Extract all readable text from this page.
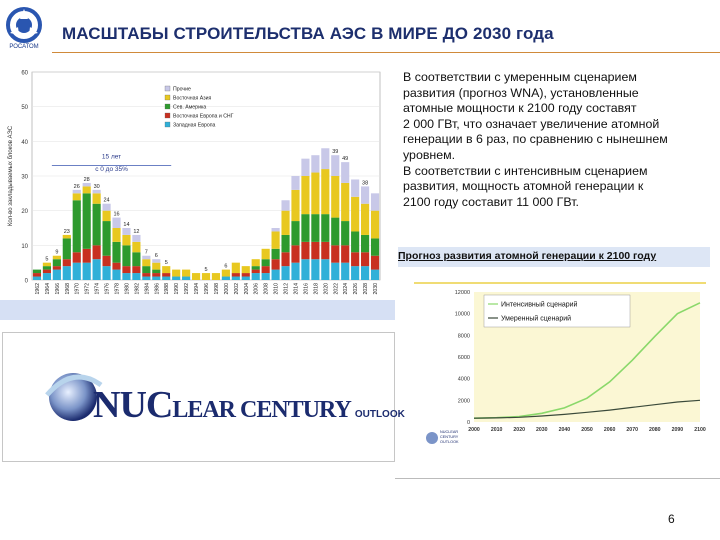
РОСАТОМ
МАСШТАБЫ СТРОИТЕЛЬСТВА АЭС В МИРЕ ДО 2030 года
0
10
20
30
40
50
60
Кол-во закладываемых блоков АЭС
1962 1964 1966 1968 1970 1972 1974 1976 1978 1980 1982 1984 1986 1988 1990 1992 1994 1996 1998 2000 2002 2004 2006 2008 2010 2012 2014 2016 2018 2020 2022 2024 2026 2028 2030
5
9
23
26
28
30
24
16
14
12
7
6
5
5
6
39
49
38
Прочие
Восточная Азия
Сев. Америка
Восточная Европа и СНГ
Западная Европа
15 лет
с 0 до 35%

В соответствии с умеренным сценарием

развития (прогноз WNA), установленные

атомные мощности к 2100 году составят

2 000 ГВт, что означает увеличение атомной

генерации в 6 раз, по сравнению с нынешнем

уровнем.

В соответствии с интенсивным сценарием

развития, мощность атомной генерации к

2100 году составит 11 000 ГВт.

Прогноз развития атомной генерации к 2100 году
0
2000
4000
6000
8000
10000
12000
2000 2010 2020 2030 2040 2050 2060 2070 2080 2090 2100
Интенсивный сценарий
Умеренный сценарий
NUCLEAR
CENTURY
OUTLOOK
NUCLEAR CENTURY OUTLOOK
6
